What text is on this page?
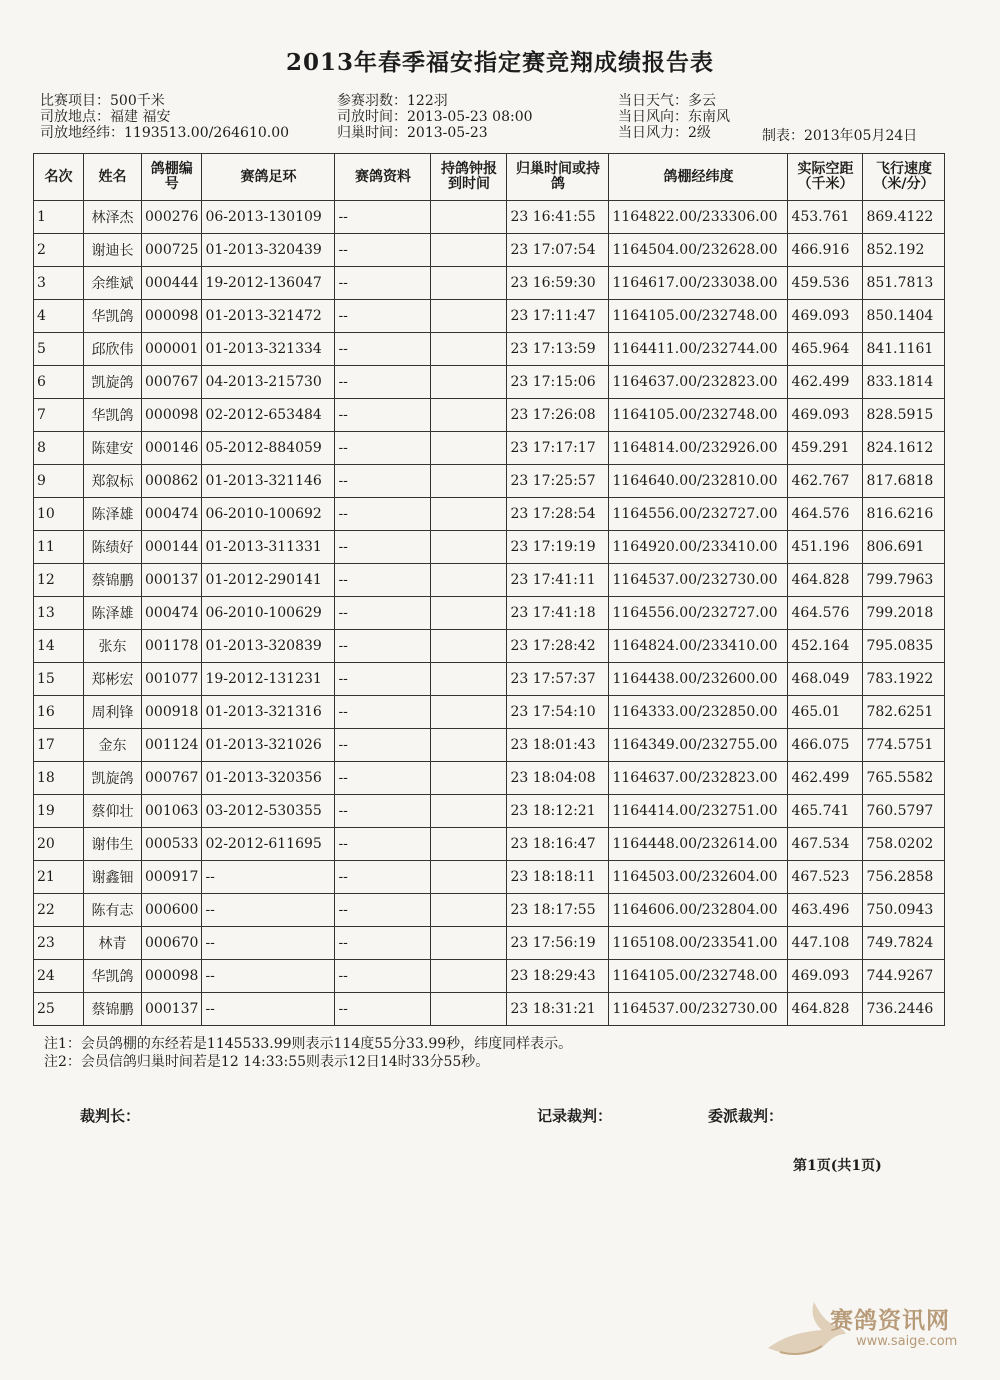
2013年春季福安指定赛竞翔成绩报告表
比赛项目：500千米
司放地点：福建 福安
司放地经纬：1193513.00/264610.00
参赛羽数：122羽
司放时间：2013-05-23 08:00
归巢时间：2013-05-23
当日天气：多云
当日风向：东南风
当日风力：2级	制表：2013年05月24日
名次	姓名	鸽棚编号	赛鸽足环	赛鸽资料	持鸽钟报到时间	归巢时间或持鸽	鸽棚经纬度	实际空距（千米）	飞行速度（米/分）
1	林泽杰	000276	06-2013-130109	--		23 16:41:55	1164822.00/233306.00	453.761	869.4122
2	谢迪长	000725	01-2013-320439	--		23 17:07:54	1164504.00/232628.00	466.916	852.192
3	余维斌	000444	19-2012-136047	--		23 16:59:30	1164617.00/233038.00	459.536	851.7813
4	华凯鸽	000098	01-2013-321472	--		23 17:11:47	1164105.00/232748.00	469.093	850.1404
5	邱欣伟	000001	01-2013-321334	--		23 17:13:59	1164411.00/232744.00	465.964	841.1161
6	凯旋鸽	000767	04-2013-215730	--		23 17:15:06	1164637.00/232823.00	462.499	833.1814
7	华凯鸽	000098	02-2012-653484	--		23 17:26:08	1164105.00/232748.00	469.093	828.5915
8	陈建安	000146	05-2012-884059	--		23 17:17:17	1164814.00/232926.00	459.291	824.1612
9	郑叙标	000862	01-2013-321146	--		23 17:25:57	1164640.00/232810.00	462.767	817.6818
10	陈泽雄	000474	06-2010-100692	--		23 17:28:54	1164556.00/232727.00	464.576	816.6216
11	陈绩好	000144	01-2013-311331	--		23 17:19:19	1164920.00/233410.00	451.196	806.691
12	蔡锦鹏	000137	01-2012-290141	--		23 17:41:11	1164537.00/232730.00	464.828	799.7963
13	陈泽雄	000474	06-2010-100629	--		23 17:41:18	1164556.00/232727.00	464.576	799.2018
14	张东	001178	01-2013-320839	--		23 17:28:42	1164824.00/233410.00	452.164	795.0835
15	郑彬宏	001077	19-2012-131231	--		23 17:57:37	1164438.00/232600.00	468.049	783.1922
16	周利锋	000918	01-2013-321316	--		23 17:54:10	1164333.00/232850.00	465.01	782.6251
17	金东	001124	01-2013-321026	--		23 18:01:43	1164349.00/232755.00	466.075	774.5751
18	凯旋鸽	000767	01-2013-320356	--		23 18:04:08	1164637.00/232823.00	462.499	765.5582
19	蔡仰壮	001063	03-2012-530355	--		23 18:12:21	1164414.00/232751.00	465.741	760.5797
20	谢伟生	000533	02-2012-611695	--		23 18:16:47	1164448.00/232614.00	467.534	758.0202
21	谢鑫钿	000917	--	--		23 18:18:11	1164503.00/232604.00	467.523	756.2858
22	陈有志	000600	--	--		23 18:17:55	1164606.00/232804.00	463.496	750.0943
23	林青	000670	--	--		23 17:56:19	1165108.00/233541.00	447.108	749.7824
24	华凯鸽	000098	--	--		23 18:29:43	1164105.00/232748.00	469.093	744.9267
25	蔡锦鹏	000137	--	--		23 18:31:21	1164537.00/232730.00	464.828	736.2446
注1：会员鸽棚的东经若是1145533.99则表示114度55分33.99秒，纬度同样表示。
注2：会员信鸽归巢时间若是12 14:33:55则表示12日14时33分55秒。
裁判长：	记录裁判：	委派裁判：
第1页(共1页)
赛鸽资讯网
www.saige.com
